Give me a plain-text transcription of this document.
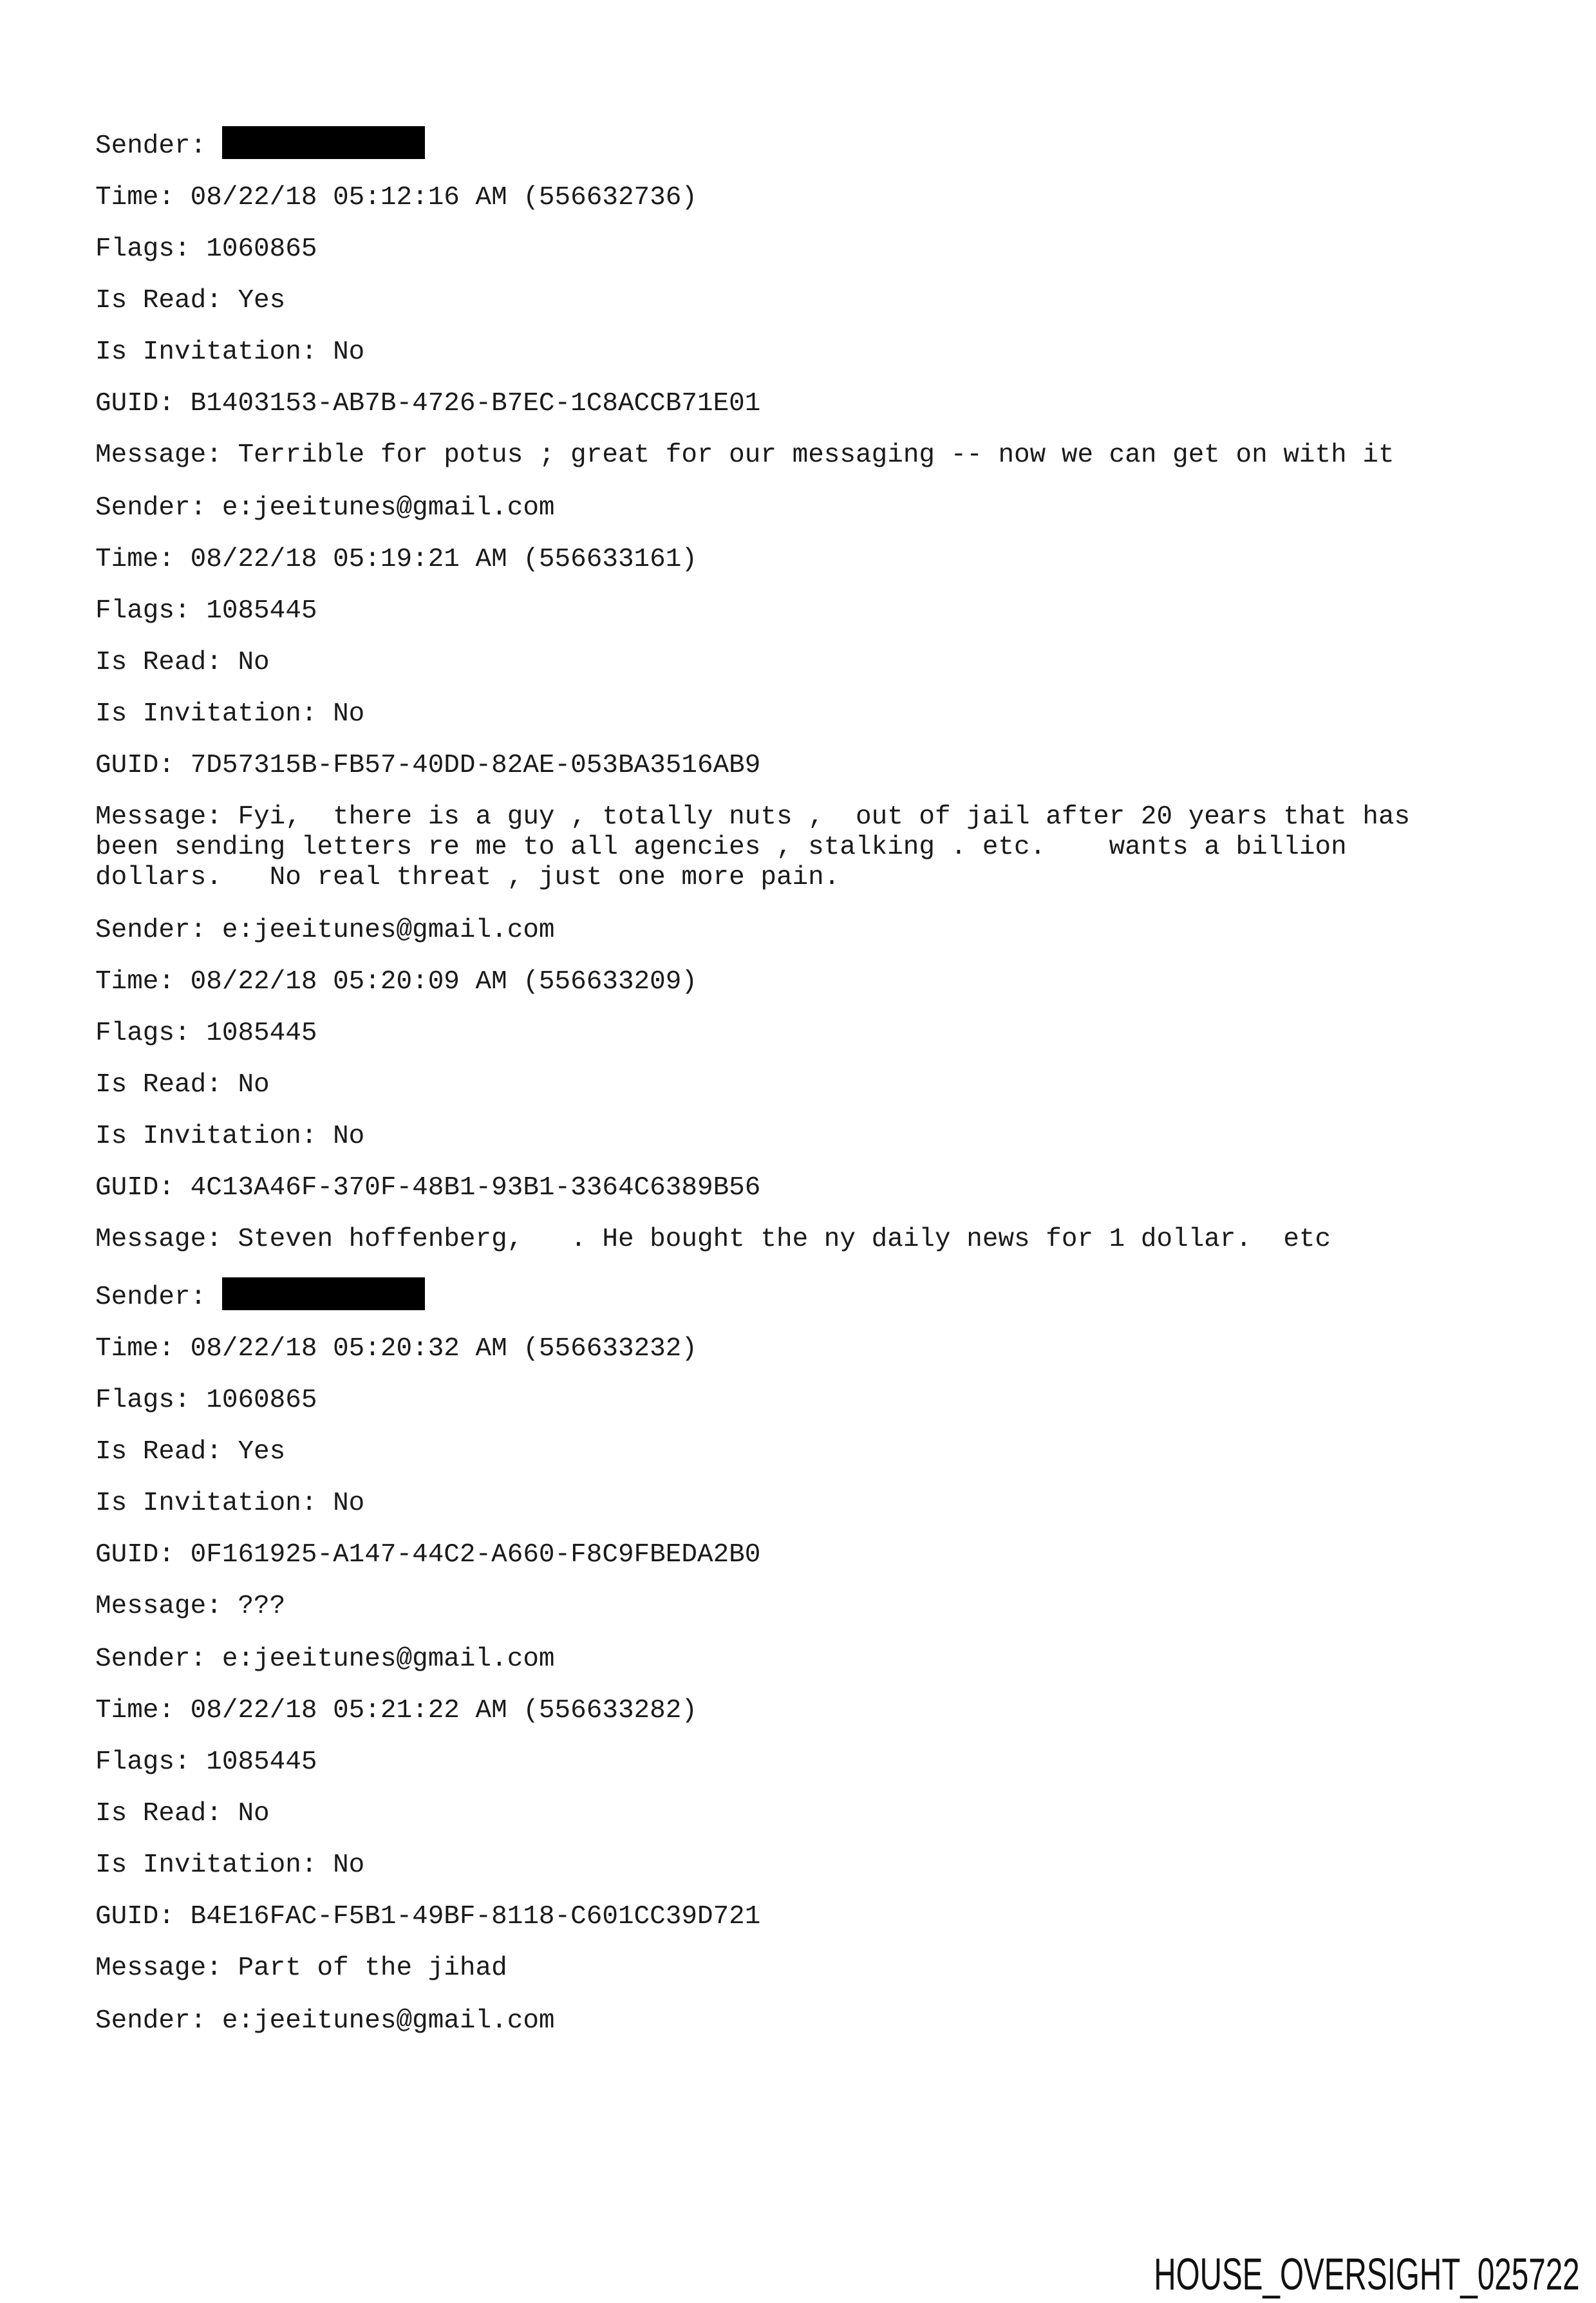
Sender:
Time: 08/22/18 05:12:16 AM (556632736)
Flags: 1060865
Is Read: Yes
Is Invitation: No
GUID: B1403153-AB7B-4726-B7EC-1C8ACCB71E01
Message: Terrible for potus ; great for our messaging -- now we can get on with it
Sender: e:jeeitunes@gmail.com
Time: 08/22/18 05:19:21 AM (556633161)
Flags: 1085445
Is Read: No
Is Invitation: No
GUID: 7D57315B-FB57-40DD-82AE-053BA3516AB9
Message: Fyi,  there is a guy , totally nuts ,  out of jail after 20 years that has been sending letters re me to all agencies , stalking . etc.    wants a billion dollars.   No real threat , just one more pain.
Sender: e:jeeitunes@gmail.com
Time: 08/22/18 05:20:09 AM (556633209)
Flags: 1085445
Is Read: No
Is Invitation: No
GUID: 4C13A46F-370F-48B1-93B1-3364C6389B56
Message: Steven hoffenberg,   . He bought the ny daily news for 1 dollar.  etc
Sender:
Time: 08/22/18 05:20:32 AM (556633232)
Flags: 1060865
Is Read: Yes
Is Invitation: No
GUID: 0F161925-A147-44C2-A660-F8C9FBEDA2B0
Message: ???
Sender: e:jeeitunes@gmail.com
Time: 08/22/18 05:21:22 AM (556633282)
Flags: 1085445
Is Read: No
Is Invitation: No
GUID: B4E16FAC-F5B1-49BF-8118-C601CC39D721
Message: Part of the jihad
Sender: e:jeeitunes@gmail.com
HOUSE_OVERSIGHT_025722
